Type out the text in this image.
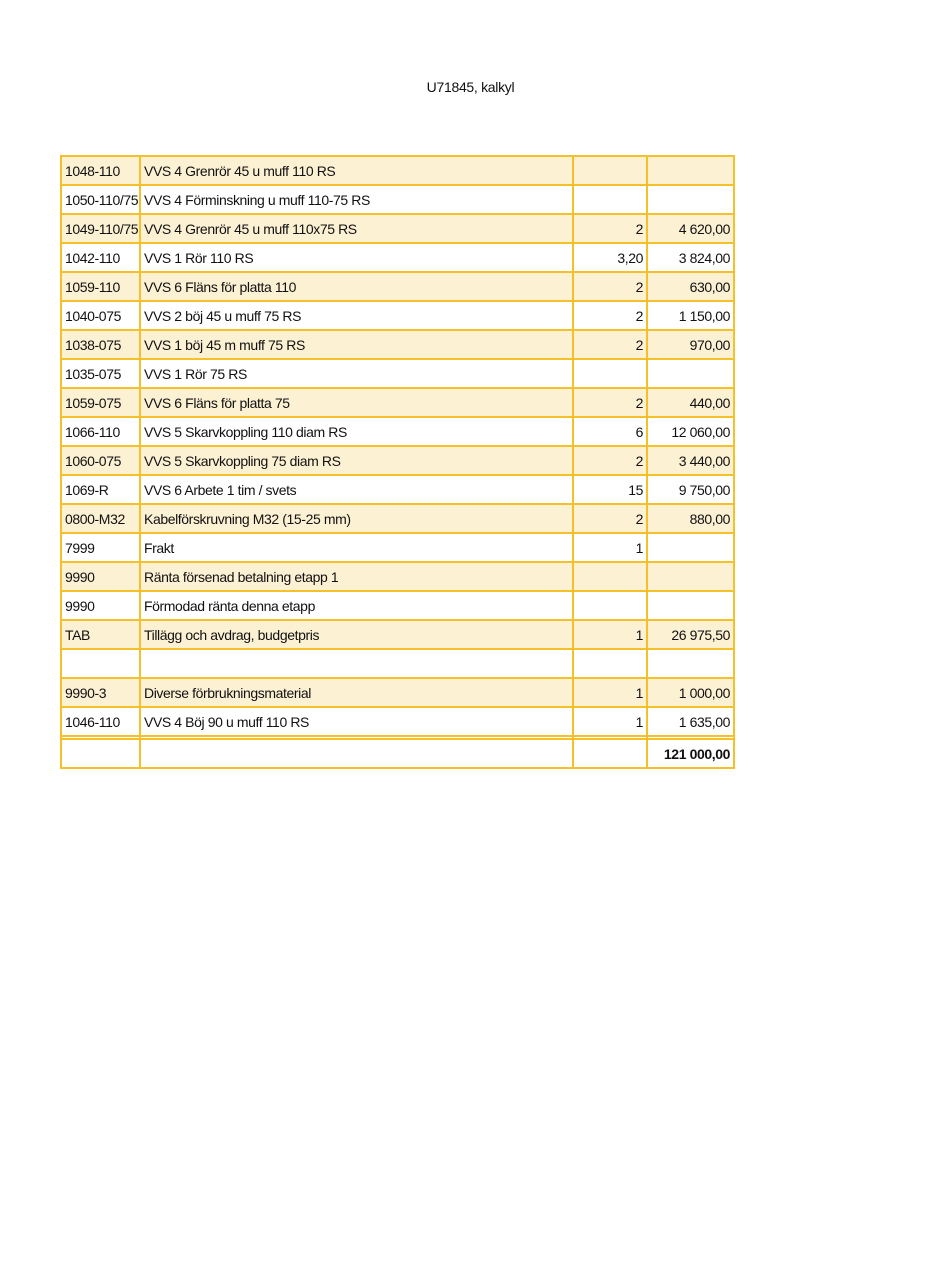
U71845, kalkyl
1048-110	VVS 4 Grenrör 45 u muff 110 RS		
1050-110/75	VVS 4 Förminskning u muff 110-75 RS		
1049-110/75	VVS 4 Grenrör 45 u muff 110x75 RS	2	4 620,00
1042-110	VVS 1 Rör 110 RS	3,20	3 824,00
1059-110	VVS 6 Fläns för platta 110	2	630,00
1040-075	VVS 2 böj 45 u muff 75 RS	2	1 150,00
1038-075	VVS 1 böj 45 m muff 75 RS	2	970,00
1035-075	VVS 1 Rör 75 RS		
1059-075	VVS 6 Fläns för platta 75	2	440,00
1066-110	VVS 5 Skarvkoppling 110 diam RS	6	12 060,00
1060-075	VVS 5 Skarvkoppling 75 diam RS	2	3 440,00
1069-R	VVS 6 Arbete 1 tim / svets	15	9 750,00
0800-M32	Kabelförskruvning M32 (15-25 mm)	2	880,00
7999	Frakt	1	
9990	Ränta försenad betalning etapp 1		
9990	Förmodad ränta denna etapp		
TAB	Tillägg och avdrag, budgetpris	1	26 975,50

9990-3	Diverse förbrukningsmaterial	1	1 000,00
1046-110	VVS 4 Böj 90 u muff 110 RS	1	1 635,00

			121 000,00
